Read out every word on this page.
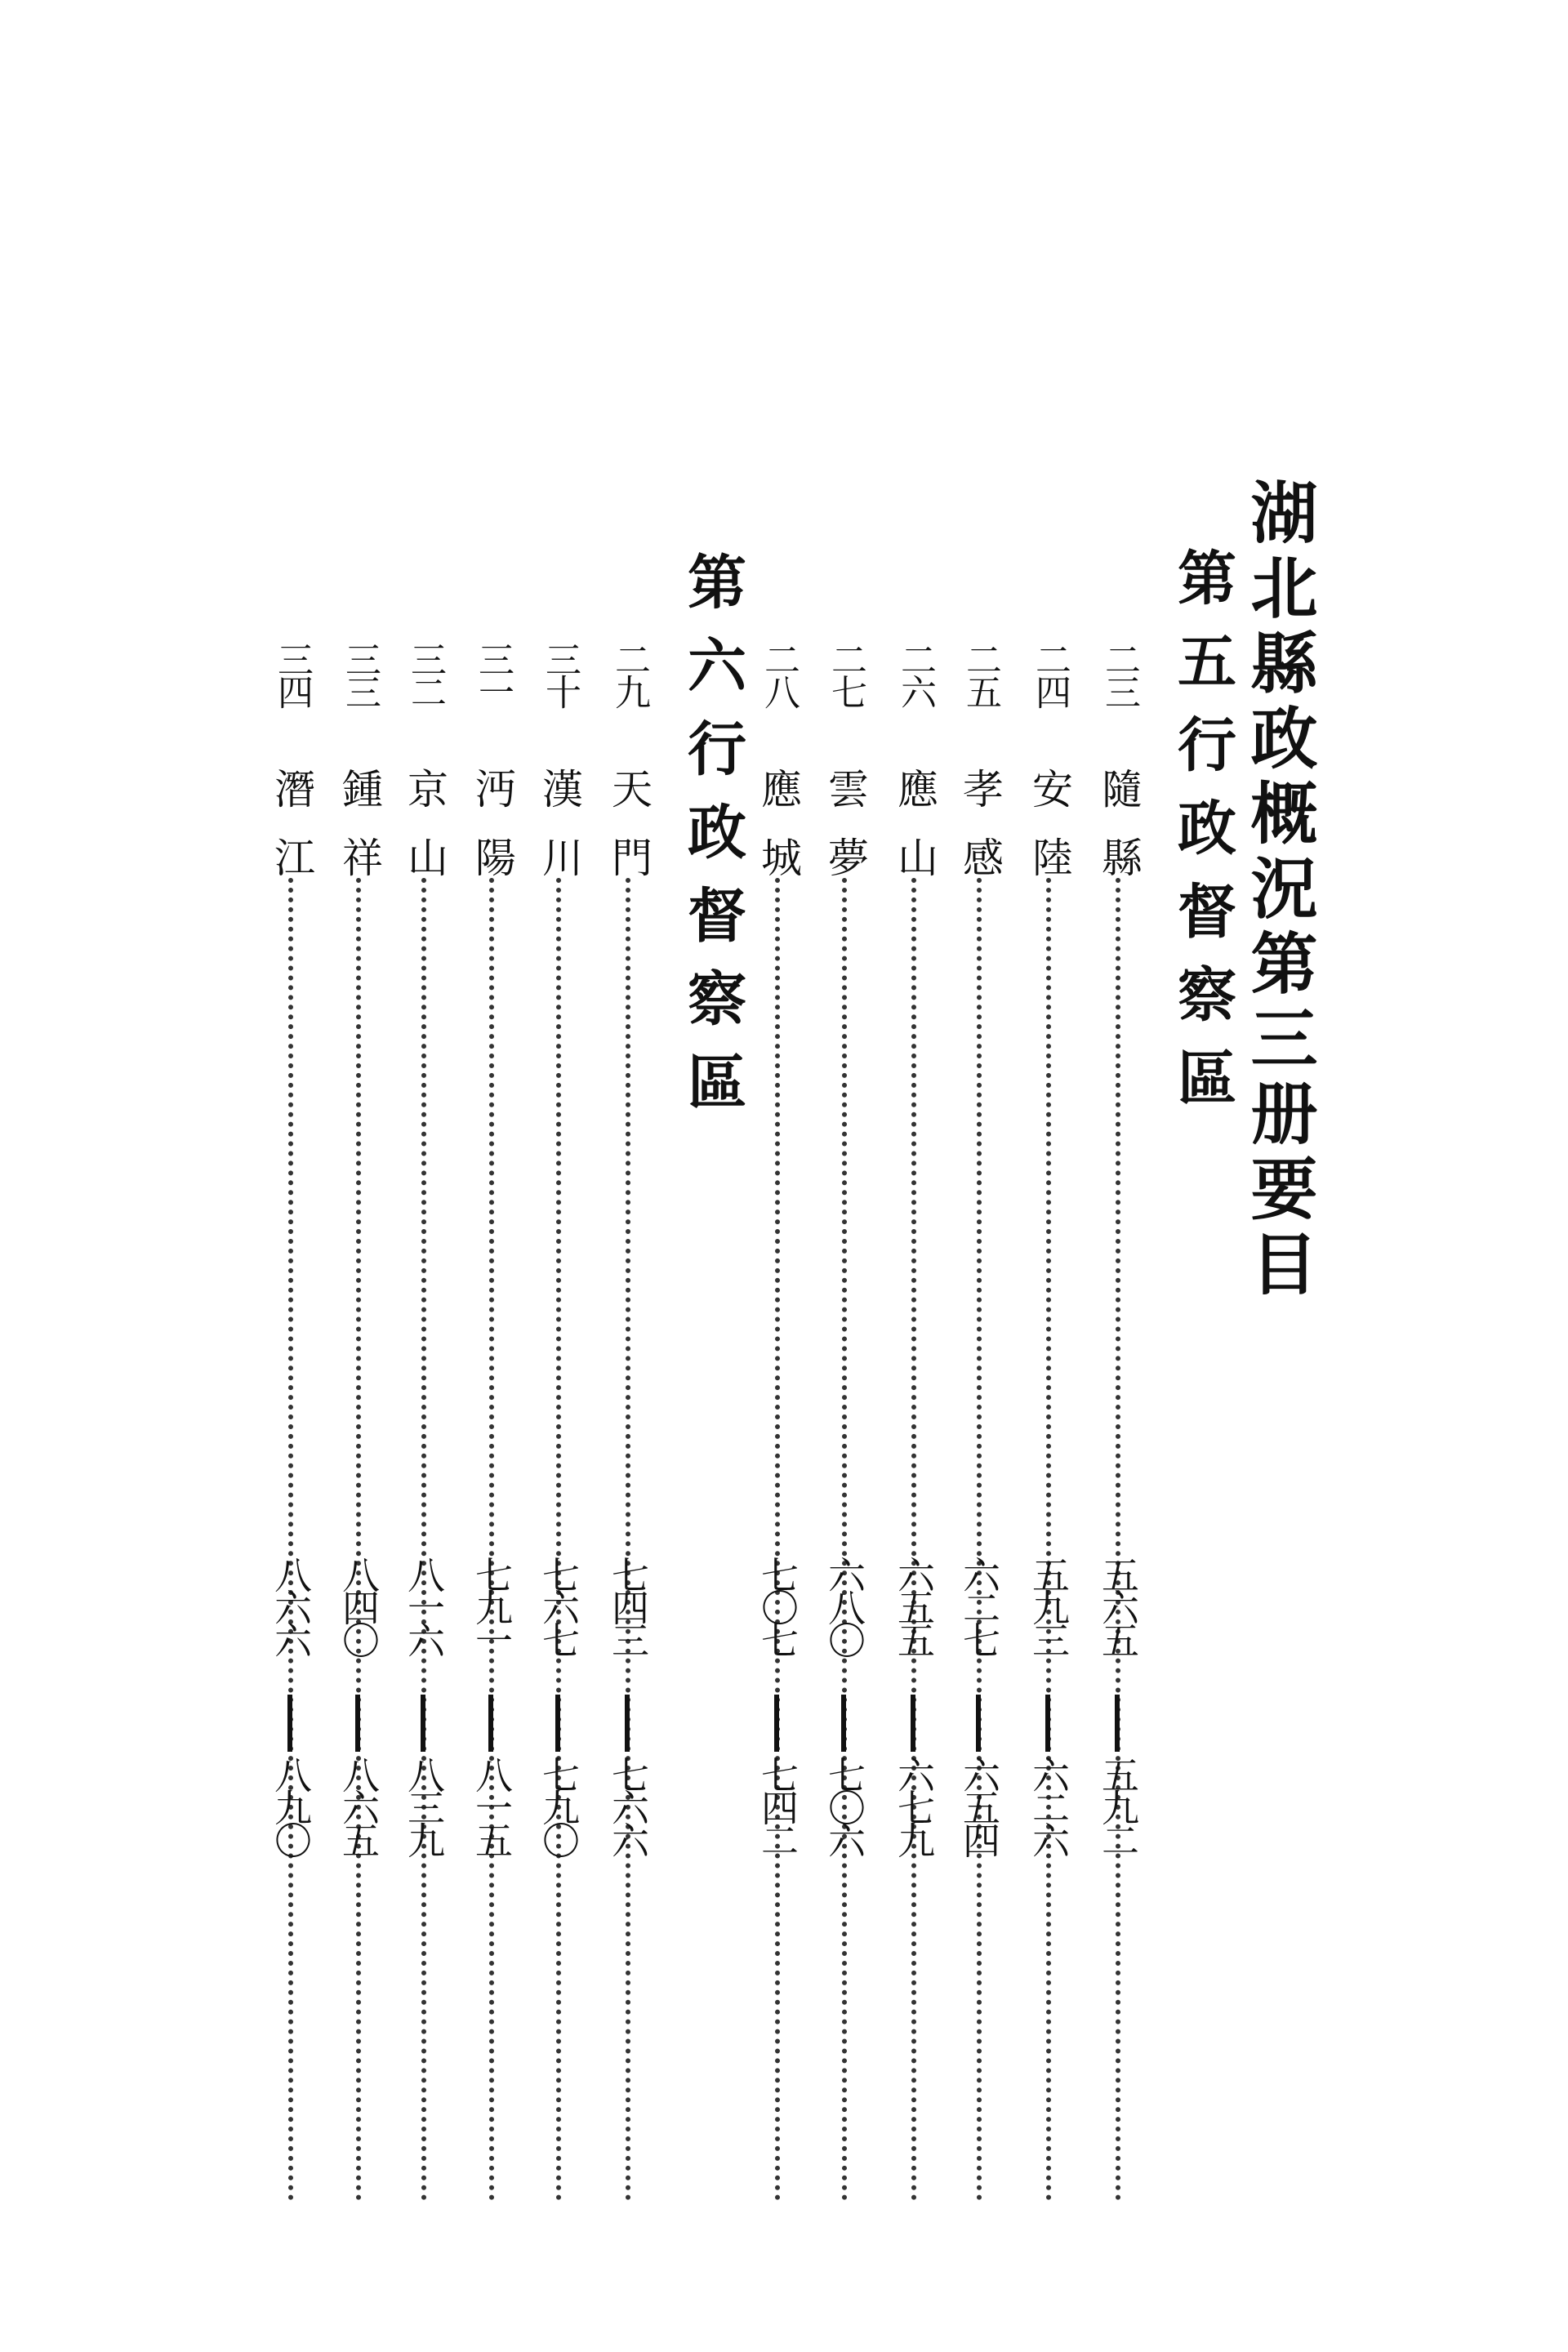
湖北縣政概況第三册要目
第五行政督察區
二三
隨縣
五六五
五九二
二四
安陸
五九三
六二六
二五
孝感
六二七
六五四
二六
應山
六五五
六七九
二七
雲夢
六八〇
七〇六
二八
應城
七〇七
七四二
第六行政督察區
二九
天門
七四三
七六六
三十
漢川
七六七
七九〇
三一
沔陽
七九一
八一五
三二
京山
八一六
八三九
三三
鍾祥
八四〇
八六五
三四
潛江
八六六
八九〇
